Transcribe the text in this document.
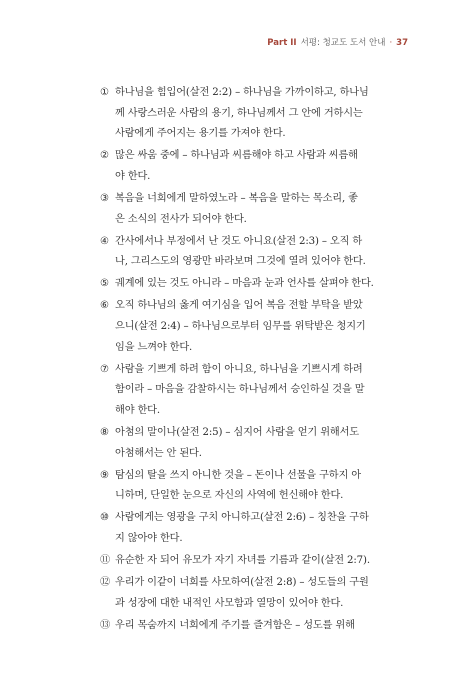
Part II 서평: 청교도 도서 안내 · 37
① 하나님을 힘입어(살전 2:2) – 하나님을 가까이하고, 하나님
께 사랑스러운 사람의 용기, 하나님께서 그 안에 거하시는
사람에게 주어지는 용기를 가져야 한다.
② 많은 싸움 중에 – 하나님과 씨름해야 하고 사람과 씨름해
야 한다.
③ 복음을 너희에게 말하였노라 – 복음을 말하는 목소리, 좋
은 소식의 전사가 되어야 한다.
④ 간사에서나 부정에서 난 것도 아니요(살전 2:3) – 오직 하
나, 그리스도의 영광만 바라보며 그것에 열려 있어야 한다.
⑤ 궤계에 있는 것도 아니라 – 마음과 눈과 언사를 살펴야 한다.
⑥ 오직 하나님의 옳게 여기심을 입어 복음 전할 부탁을 받았
으니(살전 2:4) – 하나님으로부터 임무를 위탁받은 청지기
임을 느껴야 한다.
⑦ 사람을 기쁘게 하려 함이 아니요, 하나님을 기쁘시게 하려
함이라 – 마음을 감찰하시는 하나님께서 승인하실 것을 말
해야 한다.
⑧ 아첨의 말이나(살전 2:5) – 심지어 사람을 얻기 위해서도
아첨해서는 안 된다.
⑨ 탐심의 탈을 쓰지 아니한 것을 – 돈이나 선물을 구하지 아
니하며, 단일한 눈으로 자신의 사역에 헌신해야 한다.
⑩ 사람에게는 영광을 구치 아니하고(살전 2:6) – 칭찬을 구하
지 않아야 한다.
⑪ 유순한 자 되어 유모가 자기 자녀를 기름과 같이(살전 2:7).
⑫ 우리가 이같이 너희를 사모하여(살전 2:8) – 성도들의 구원
과 성장에 대한 내적인 사모함과 열망이 있어야 한다.
⑬ 우리 목숨까지 너희에게 주기를 즐겨함은 – 성도를 위해
